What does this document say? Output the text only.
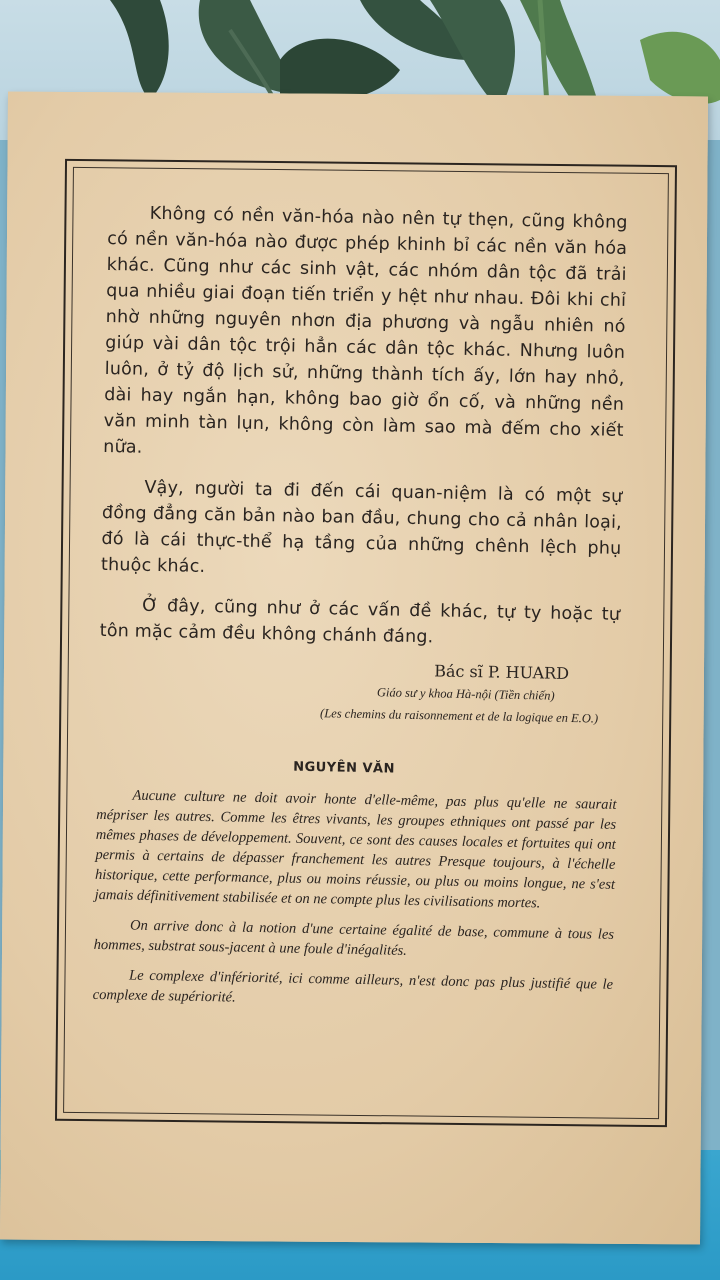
Không có nền văn-hóa nào nên tự thẹn, cũng không có nền văn-hóa nào được phép khinh bỉ các nền văn hóa khác. Cũng như các sinh vật, các nhóm dân tộc đã trải qua nhiều giai đoạn tiến triển y hệt như nhau. Đôi khi chỉ nhờ những nguyên nhơn địa phương và ngẫu nhiên nó giúp vài dân tộc trội hẳn các dân tộc khác. Nhưng luôn luôn, ở tỷ độ lịch sử, những thành tích ấy, lớn hay nhỏ, dài hay ngắn hạn, không bao giờ ổn cố, và những nền văn minh tàn lụn, không còn làm sao mà đếm cho xiết nữa.

Vậy, người ta đi đến cái quan-niệm là có một sự đồng đẳng căn bản nào ban đầu, chung cho cả nhân loại, đó là cái thực-thể hạ tầng của những chênh lệch phụ thuộc khác.

Ở đây, cũng như ở các vấn đề khác, tự ty hoặc tự tôn mặc cảm đều không chánh đáng.

Bác sĩ P. HUARD
Giáo sư y khoa Hà-nội (Tiền chiến)
(Les chemins du raisonnement et de la logique en E.O.)
NGUYÊN VĂN

Aucune culture ne doit avoir honte d'elle-même, pas plus qu'elle ne saurait mépriser les autres. Comme les êtres vivants, les groupes ethniques ont passé par les mêmes phases de développement. Souvent, ce sont des causes locales et fortuites qui ont permis à certains de dépasser franchement les autres Presque toujours, à l'échelle historique, cette performance, plus ou moins réussie, ou plus ou moins longue, ne s'est jamais définitivement stabilisée et on ne compte plus les civilisations mortes.

On arrive donc à la notion d'une certaine égalité de base, commune à tous les hommes, substrat sous-jacent à une foule d'inégalités.

Le complexe d'infériorité, ici comme ailleurs, n'est donc pas plus justifié que le complexe de supériorité.
